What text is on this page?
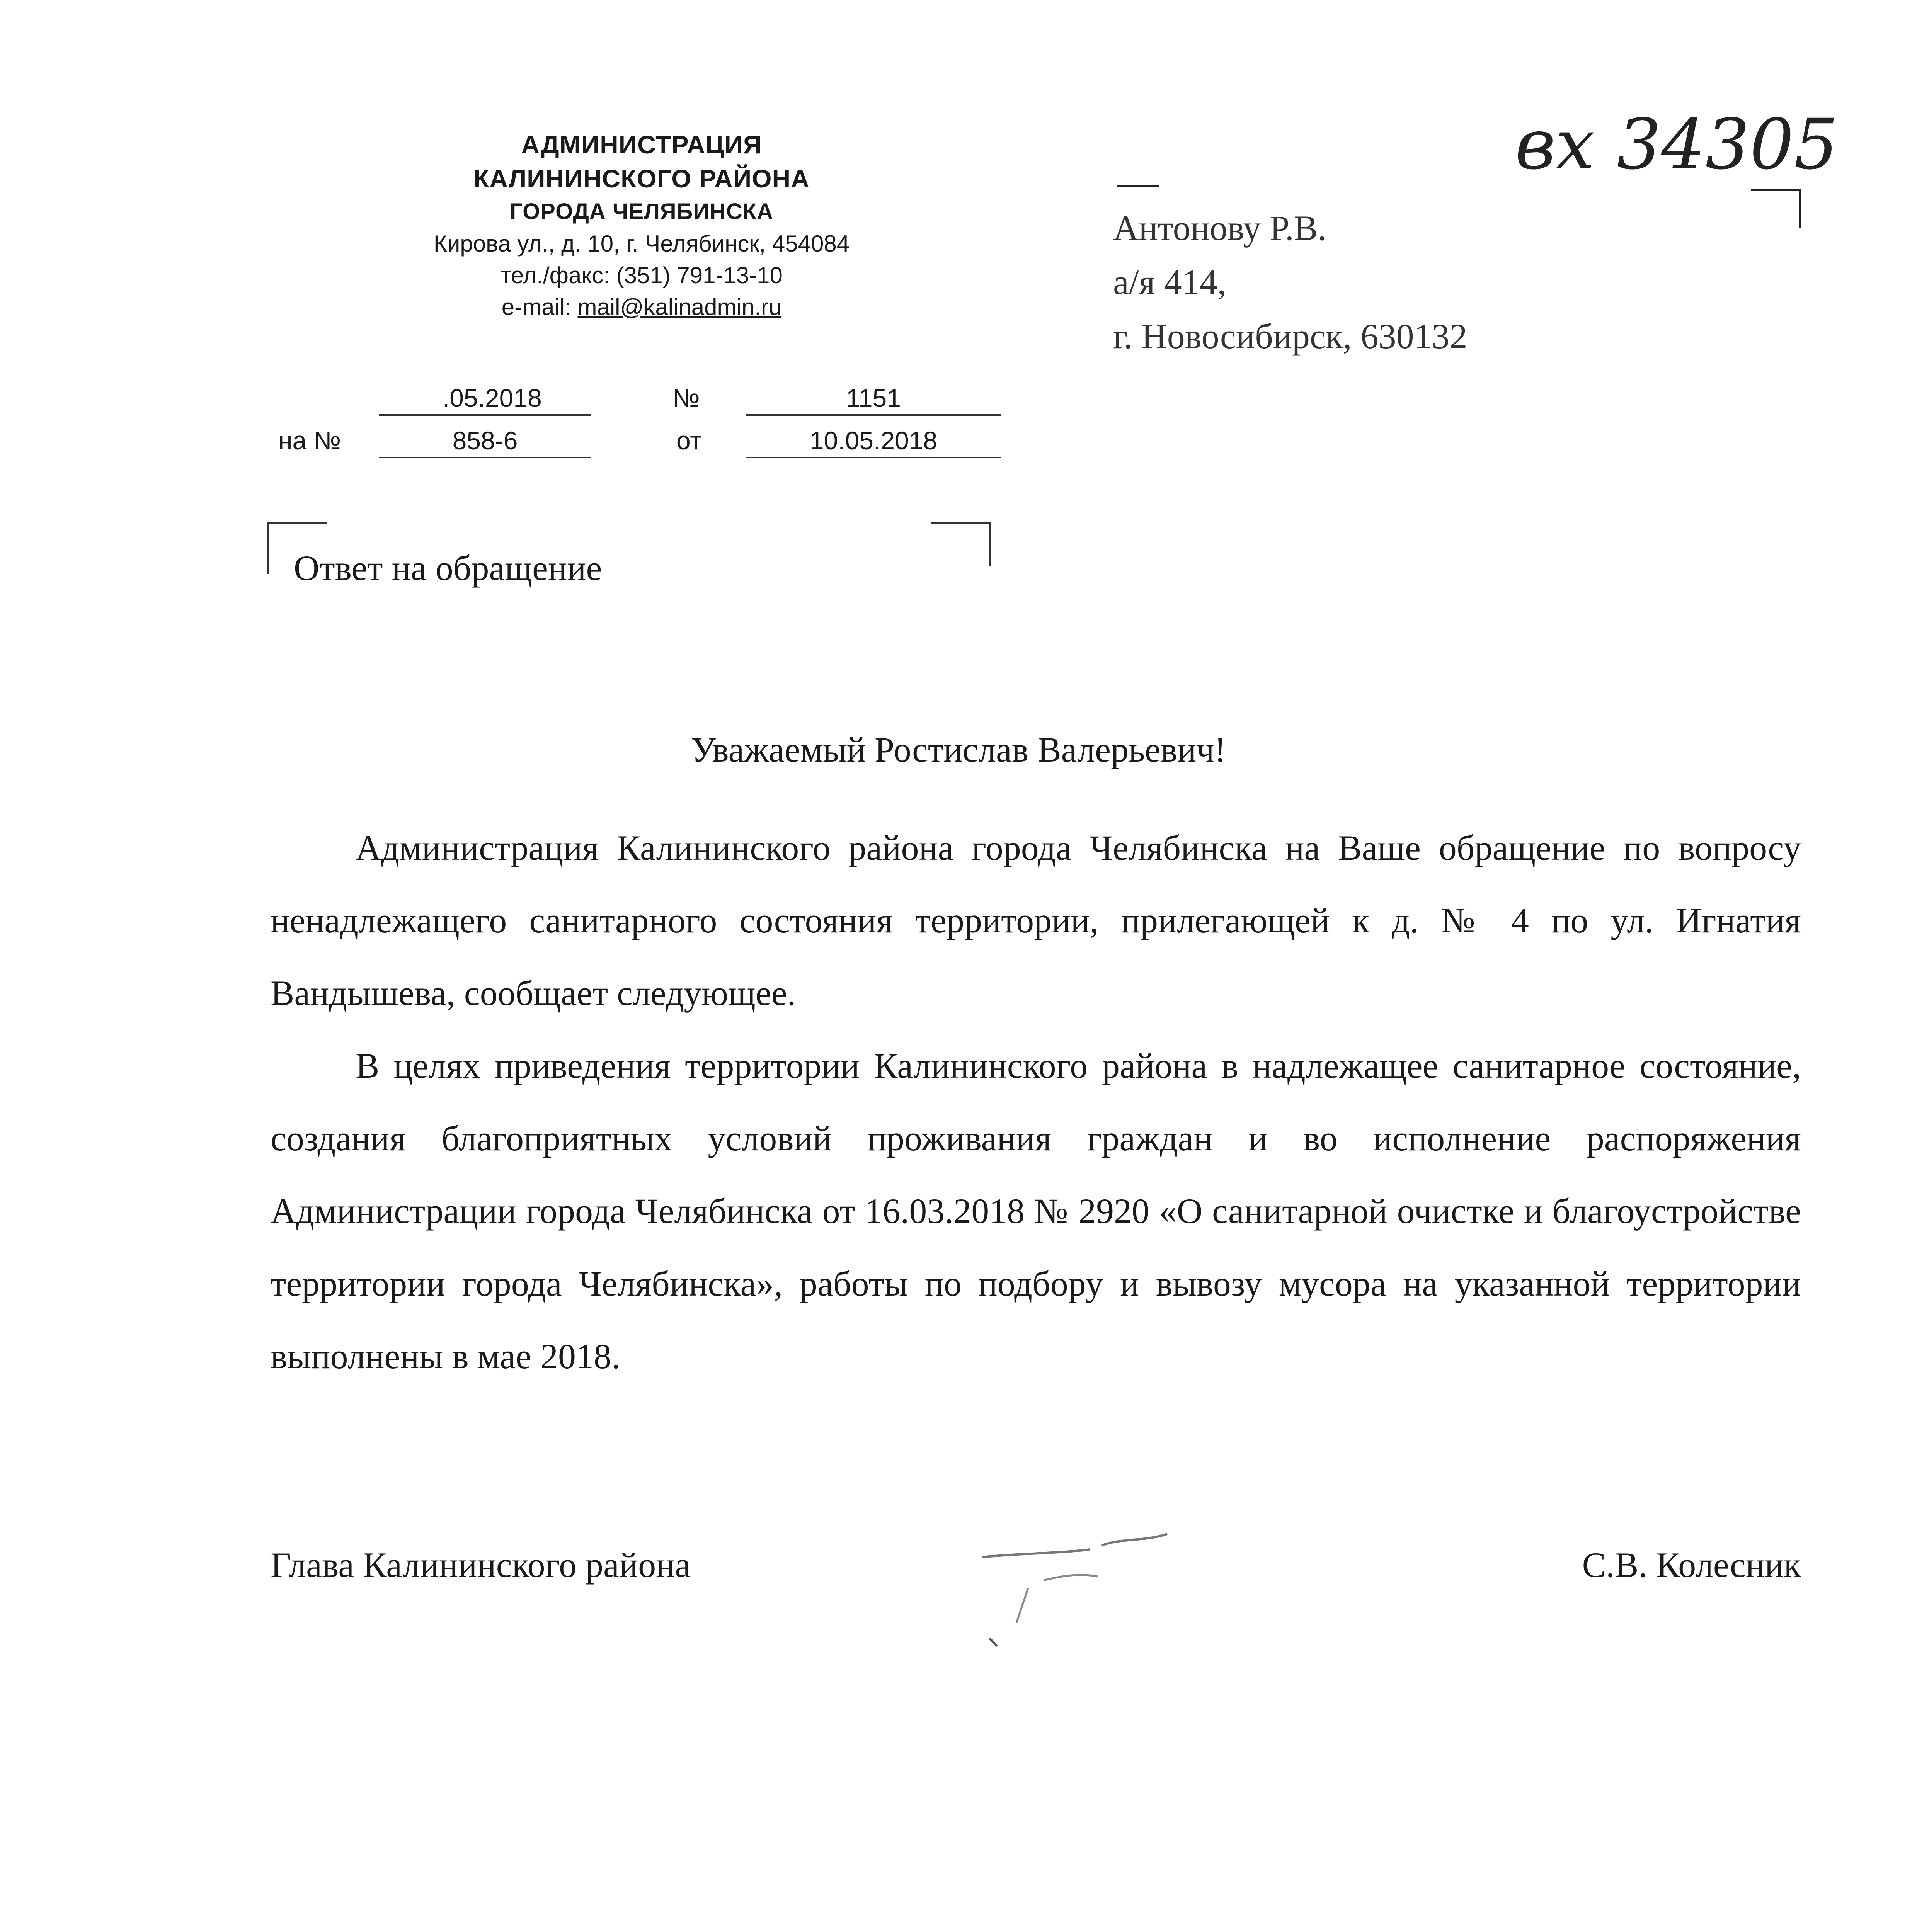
АДМИНИСТРАЦИЯ
КАЛИНИНСКОГО РАЙОНА
ГОРОДА ЧЕЛЯБИНСКА
Кирова ул., д. 10, г. Челябинск, 454084
тел./факс: (351) 791-13-10
e-mail: mail@kalinadmin.ru
.05.2018	№	1151
на №	858-6	от	10.05.2018
вх 34305
Антонову Р.В.
а/я 414,
г. Новосибирск, 630132
Ответ на обращение
Уважаемый Ростислав Валерьевич!

Администрация Калининского района города Челябинска на Ваше обращение по вопросу ненадлежащего санитарного состояния территории, прилегающей к д. № 4 по ул. Игнатия Вандышева, сообщает следующее.

В целях приведения территории Калининского района в надлежащее санитарное состояние, создания благоприятных условий проживания граждан и во исполнение распоряжения Администрации города Челябинска от 16.03.2018 № 2920 «О санитарной очистке и благоустройстве территории города Челябинска», работы по подбору и вывозу мусора на указанной территории выполнены в мае 2018.

Глава Калининского района	С.В. Колесник
